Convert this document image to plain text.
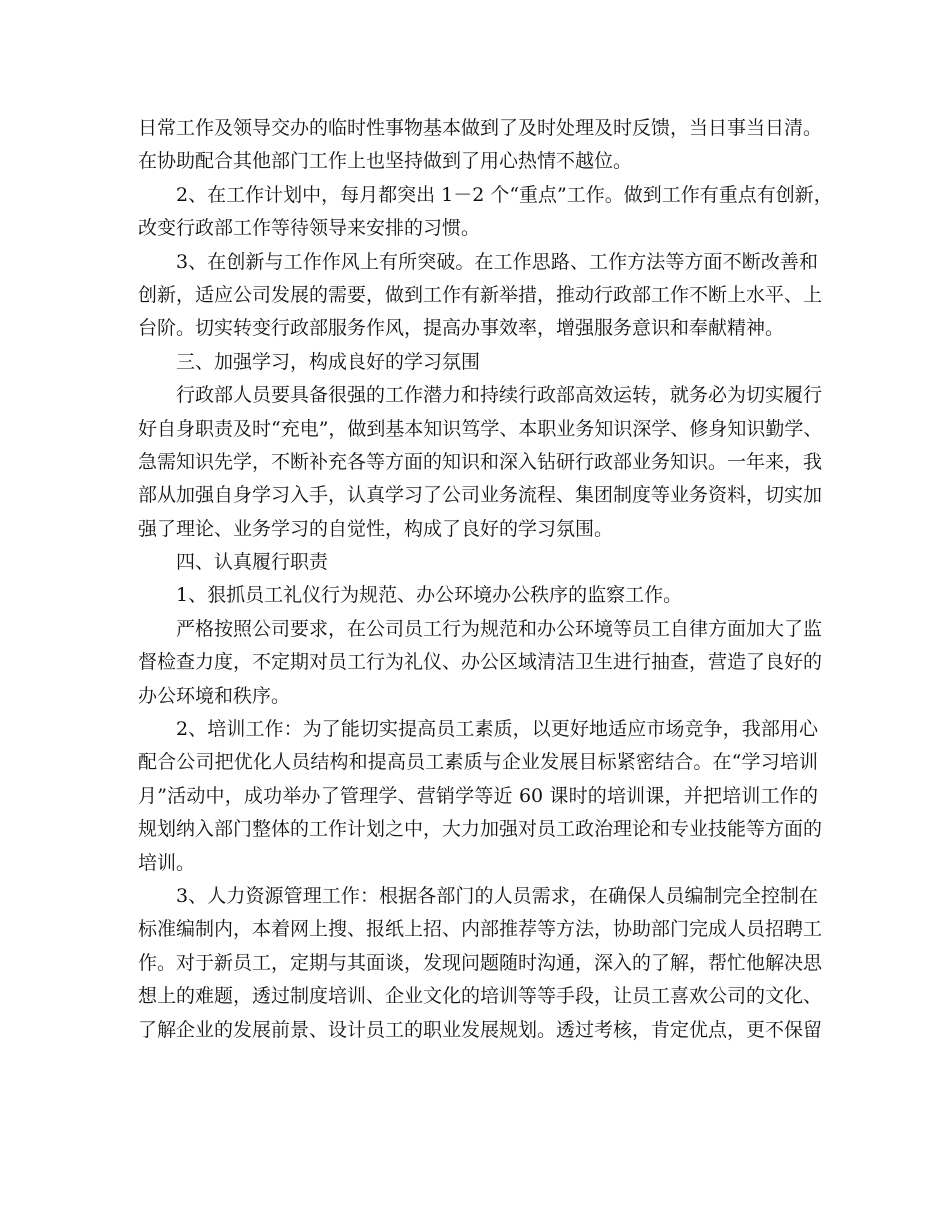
日常工作及领导交办的临时性事物基本做到了及时处理及时反馈，当日事当日清。
在协助配合其他部门工作上也坚持做到了用心热情不越位。
2、在工作计划中，每月都突出 1－2 个“重点”工作。做到工作有重点有创新，
改变行政部工作等待领导来安排的习惯。
3、在创新与工作作风上有所突破。在工作思路、工作方法等方面不断改善和
创新，适应公司发展的需要，做到工作有新举措，推动行政部工作不断上水平、上
台阶。切实转变行政部服务作风，提高办事效率，增强服务意识和奉献精神。
三、加强学习，构成良好的学习氛围
行政部人员要具备很强的工作潜力和持续行政部高效运转，就务必为切实履行
好自身职责及时“充电”，做到基本知识笃学、本职业务知识深学、修身知识勤学、
急需知识先学，不断补充各等方面的知识和深入钻研行政部业务知识。一年来，我
部从加强自身学习入手，认真学习了公司业务流程、集团制度等业务资料，切实加
强了理论、业务学习的自觉性，构成了良好的学习氛围。
四、认真履行职责
1、狠抓员工礼仪行为规范、办公环境办公秩序的监察工作。
严格按照公司要求，在公司员工行为规范和办公环境等员工自律方面加大了监
督检查力度，不定期对员工行为礼仪、办公区域清洁卫生进行抽查，营造了良好的
办公环境和秩序。
2、培训工作：为了能切实提高员工素质，以更好地适应市场竞争，我部用心
配合公司把优化人员结构和提高员工素质与企业发展目标紧密结合。在“学习培训
月”活动中，成功举办了管理学、营销学等近 60 课时的培训课，并把培训工作的
规划纳入部门整体的工作计划之中，大力加强对员工政治理论和专业技能等方面的
培训。
3、人力资源管理工作：根据各部门的人员需求，在确保人员编制完全控制在
标准编制内，本着网上搜、报纸上招、内部推荐等方法，协助部门完成人员招聘工
作。对于新员工，定期与其面谈，发现问题随时沟通，深入的了解，帮忙他解决思
想上的难题，透过制度培训、企业文化的培训等等手段，让员工喜欢公司的文化、
了解企业的发展前景、设计员工的职业发展规划。透过考核，肯定优点，更不保留
